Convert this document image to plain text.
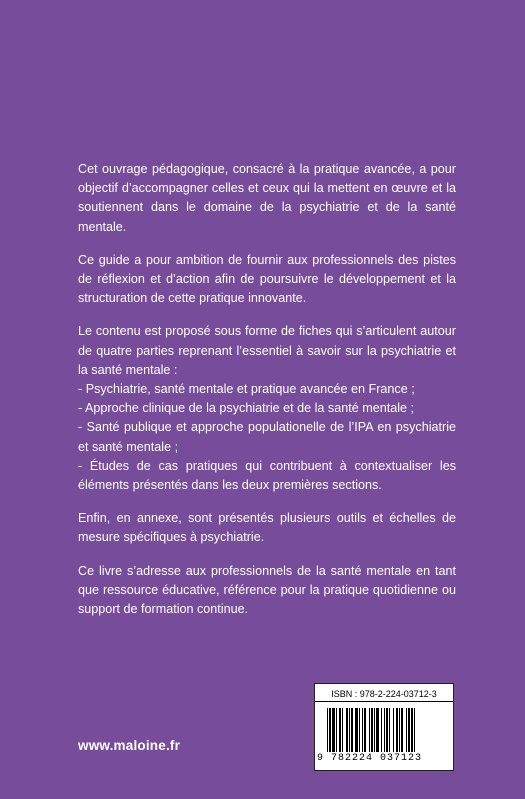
Cet ouvrage pédagogique, consacré à la pratique avancée, a pour objectif d’accompagner celles et ceux qui la mettent en œuvre et la soutiennent dans le domaine de la psychiatrie et de la santé mentale.

Ce guide a pour ambition de fournir aux professionnels des pistes de réflexion et d’action afin de poursuivre le développement et la structuration de cette pratique innovante.

Le contenu est proposé sous forme de fiches qui s’articulent autour de quatre parties reprenant l’essentiel à savoir sur la psychiatrie et la santé mentale :

- Psychiatrie, santé mentale et pratique avancée en France ;
- Approche clinique de la psychiatrie et de la santé mentale ;
- Santé publique et approche populationelle de l’IPA en psychiatrie et santé mentale ;
- Études de cas pratiques qui contribuent à contextualiser les éléments présentés dans les deux premières sections.

Enfin, en annexe, sont présentés plusieurs outils et échelles de mesure spécifiques à psychiatrie.

Ce livre s’adresse aux professionnels de la santé mentale en tant que ressource éducative, référence pour la pratique quotidienne ou support de formation continue.

www.maloine.fr
ISBN : 978-2-224-03712-3
9 782224 037123
